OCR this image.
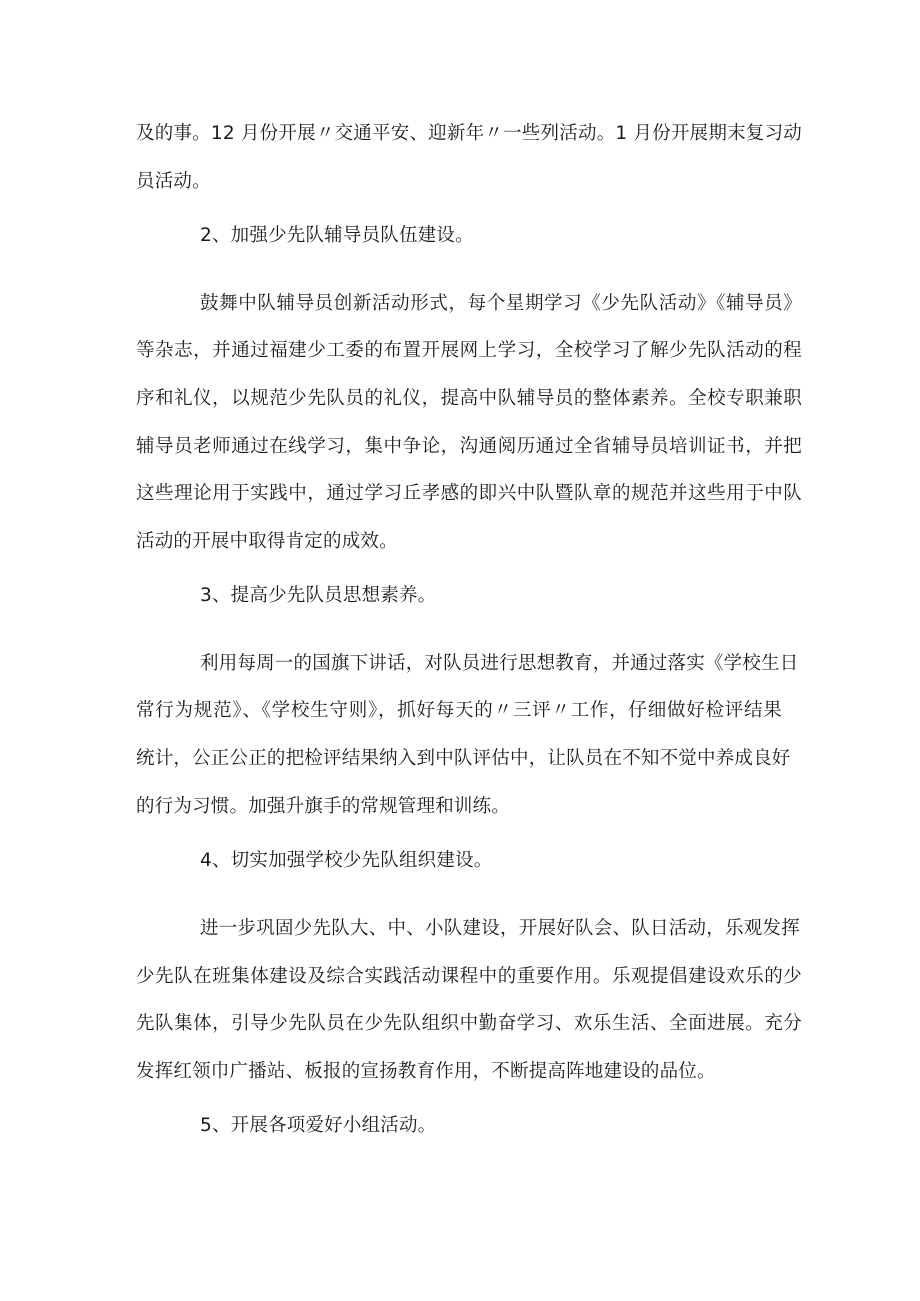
及的事。12 月份开展〃交通平安、迎新年〃一些列活动。1 月份开展期末复习动
员活动。
2、加强少先队辅导员队伍建设。
鼓舞中队辅导员创新活动形式，每个星期学习《少先队活动》《辅导员》
等杂志，并通过福建少工委的布置开展网上学习，全校学习了解少先队活动的程
序和礼仪，以规范少先队员的礼仪，提高中队辅导员的整体素养。全校专职兼职
辅导员老师通过在线学习，集中争论，沟通阅历通过全省辅导员培训证书，并把
这些理论用于实践中，通过学习丘孝感的即兴中队暨队章的规范并这些用于中队
活动的开展中取得肯定的成效。
3、提高少先队员思想素养。
利用每周一的国旗下讲话，对队员进行思想教育，并通过落实《学校生日
常行为规范》、《学校生守则》，抓好每天的〃三评〃工作，仔细做好检评结果
统计，公正公正的把检评结果纳入到中队评估中，让队员在不知不觉中养成良好
的行为习惯。加强升旗手的常规管理和训练。
4、切实加强学校少先队组织建设。
进一步巩固少先队大、中、小队建设，开展好队会、队日活动，乐观发挥
少先队在班集体建设及综合实践活动课程中的重要作用。乐观提倡建设欢乐的少
先队集体，引导少先队员在少先队组织中勤奋学习、欢乐生活、全面进展。充分
发挥红领巾广播站、板报的宣扬教育作用，不断提高阵地建设的品位。
5、开展各项爱好小组活动。
